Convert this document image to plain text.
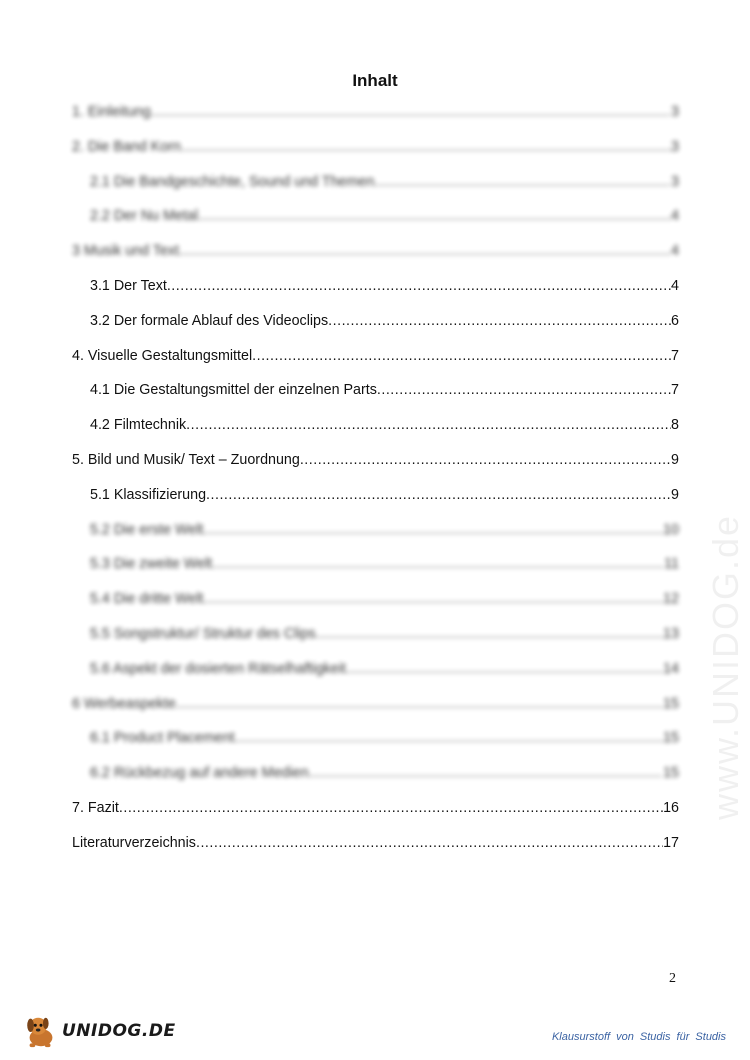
Inhalt
1. Einleitung .....	3
2. Die Band Korn .....	3
2.1 Die Bandgeschichte, Sound und Themen .....	3
2.2 Der Nu Metal .....	4
3 Musik und Text .....	4
3.1 Der Text .....	4
3.2 Der formale Ablauf des Videoclips .....	6
4. Visuelle Gestaltungsmittel .....	7
4.1 Die Gestaltungsmittel der einzelnen Parts .....	7
4.2 Filmtechnik .....	8
5. Bild und Musik/ Text – Zuordnung .....	9
5.1 Klassifizierung .....	9
5.2 Die erste Welt .....	10
5.3 Die zweite Welt .....	11
5.4 Die dritte Welt .....	12
5.5 Songstruktur/ Struktur des Clips .....	13
5.6 Aspekt der dosierten Rätselhaftigkeit .....	14
6 Werbeaspekte .....	15
6.1 Product Placement .....	15
6.2 Rückbezug auf andere Medien .....	15
7. Fazit .....	16
Literaturverzeichnis .....	17
www.UNIDOG.de
2
UNIDOG.DE	Klausurstoff von Studis für Studis
